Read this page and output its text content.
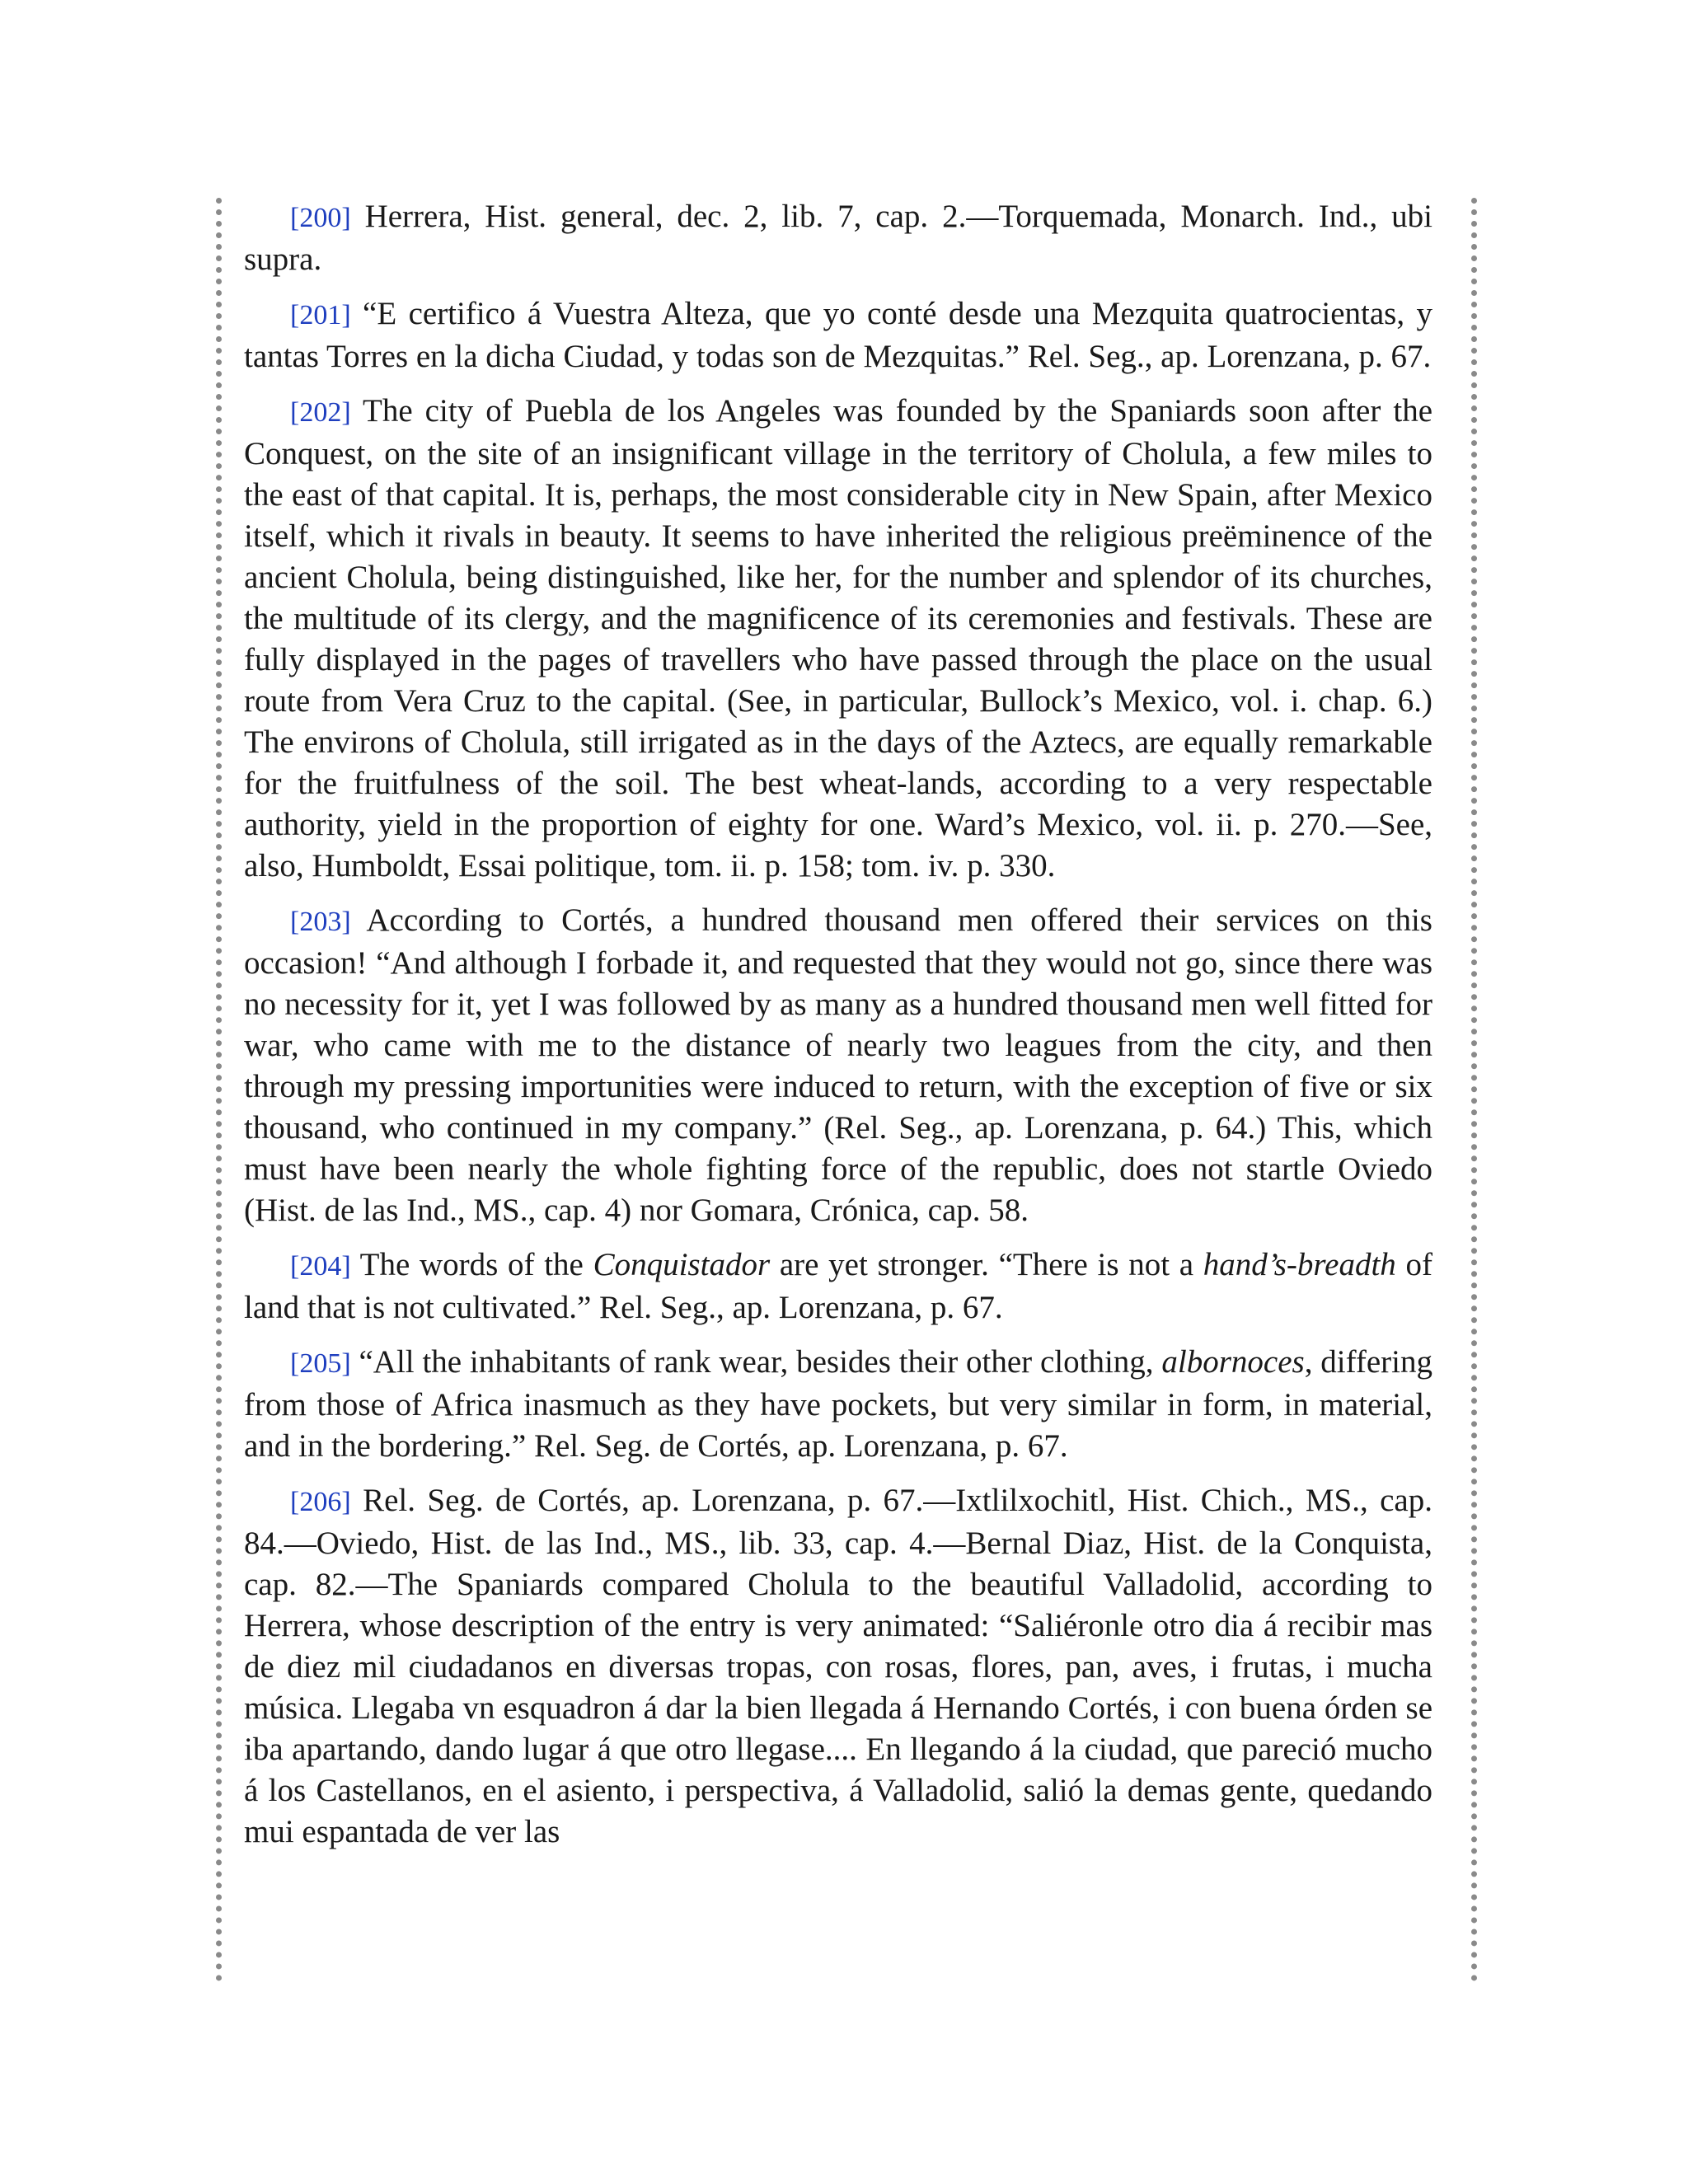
[200] Herrera, Hist. general, dec. 2, lib. 7, cap. 2.—Torquemada, Monarch. Ind., ubi supra.

[201] “E certifico á Vuestra Alteza, que yo conté desde una Mezquita quatrocientas, y tantas Torres en la dicha Ciudad, y todas son de Mezquitas.” Rel. Seg., ap. Lorenzana, p. 67.

[202] The city of Puebla de los Angeles was founded by the Spaniards soon after the Conquest, on the site of an insignificant village in the territory of Cholula, a few miles to the east of that capital. It is, perhaps, the most considerable city in New Spain, after Mexico itself, which it rivals in beauty. It seems to have inherited the religious preëminence of the ancient Cholula, being distinguished, like her, for the number and splendor of its churches, the multitude of its clergy, and the magnificence of its ceremonies and festivals. These are fully displayed in the pages of travellers who have passed through the place on the usual route from Vera Cruz to the capital. (See, in particular, Bullock’s Mexico, vol. i. chap. 6.) The environs of Cholula, still irrigated as in the days of the Aztecs, are equally remarkable for the fruitfulness of the soil. The best wheat-lands, according to a very respectable authority, yield in the proportion of eighty for one. Ward’s Mexico, vol. ii. p. 270.—See, also, Humboldt, Essai politique, tom. ii. p. 158; tom. iv. p. 330.

[203] According to Cortés, a hundred thousand men offered their services on this occasion! “And although I forbade it, and requested that they would not go, since there was no necessity for it, yet I was followed by as many as a hundred thousand men well fitted for war, who came with me to the distance of nearly two leagues from the city, and then through my pressing importunities were induced to return, with the exception of five or six thousand, who continued in my company.” (Rel. Seg., ap. Lorenzana, p. 64.) This, which must have been nearly the whole fighting force of the republic, does not startle Oviedo (Hist. de las Ind., MS., cap. 4) nor Gomara, Crónica, cap. 58.

[204] The words of the Conquistador are yet stronger. “There is not a hand’s-breadth of land that is not cultivated.” Rel. Seg., ap. Lorenzana, p. 67.

[205] “All the inhabitants of rank wear, besides their other clothing, albornoces, differing from those of Africa inasmuch as they have pockets, but very similar in form, in material, and in the bordering.” Rel. Seg. de Cortés, ap. Lorenzana, p. 67.

[206] Rel. Seg. de Cortés, ap. Lorenzana, p. 67.—Ixtlilxochitl, Hist. Chich., MS., cap. 84.—Oviedo, Hist. de las Ind., MS., lib. 33, cap. 4.—Bernal Diaz, Hist. de la Conquista, cap. 82.—The Spaniards compared Cholula to the beautiful Valladolid, according to Herrera, whose description of the entry is very animated: “Saliéronle otro dia á recibir mas de diez mil ciudadanos en diversas tropas, con rosas, flores, pan, aves, i frutas, i mucha música. Llegaba vn esquadron á dar la bien llegada á Hernando Cortés, i con buena órden se iba apartando, dando lugar á que otro llegase.... En llegando á la ciudad, que pareció mucho á los Castellanos, en el asiento, i perspectiva, á Valladolid, salió la demas gente, quedando mui espantada de ver las
